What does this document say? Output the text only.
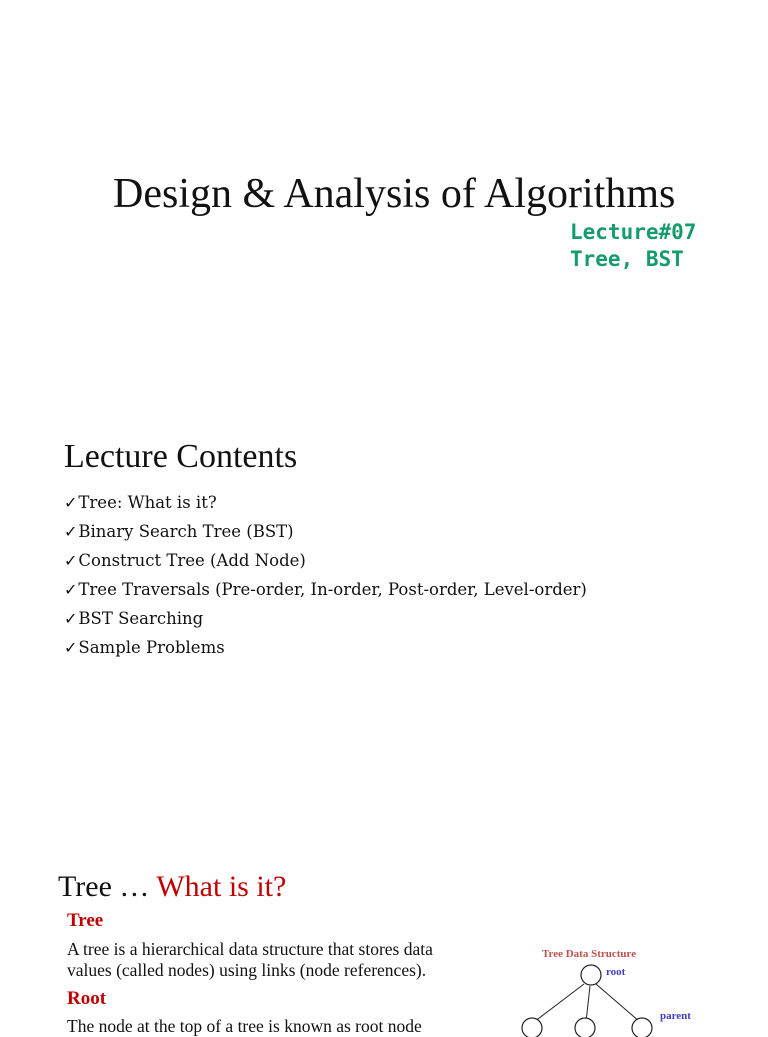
Design & Analysis of Algorithms
Lecture#07
Tree, BST
Lecture Contents
✓Tree: What is it?
✓Binary Search Tree (BST)
✓Construct Tree (Add Node)
✓Tree Traversals (Pre-order, In-order, Post-order, Level-order)
✓BST Searching
✓Sample Problems
Tree … What is it?
Tree
A tree is a hierarchical data structure that stores data
values (called nodes) using links (node references).
Root
The node at the top of a tree is known as root node
Tree Data Structure
root
parent
